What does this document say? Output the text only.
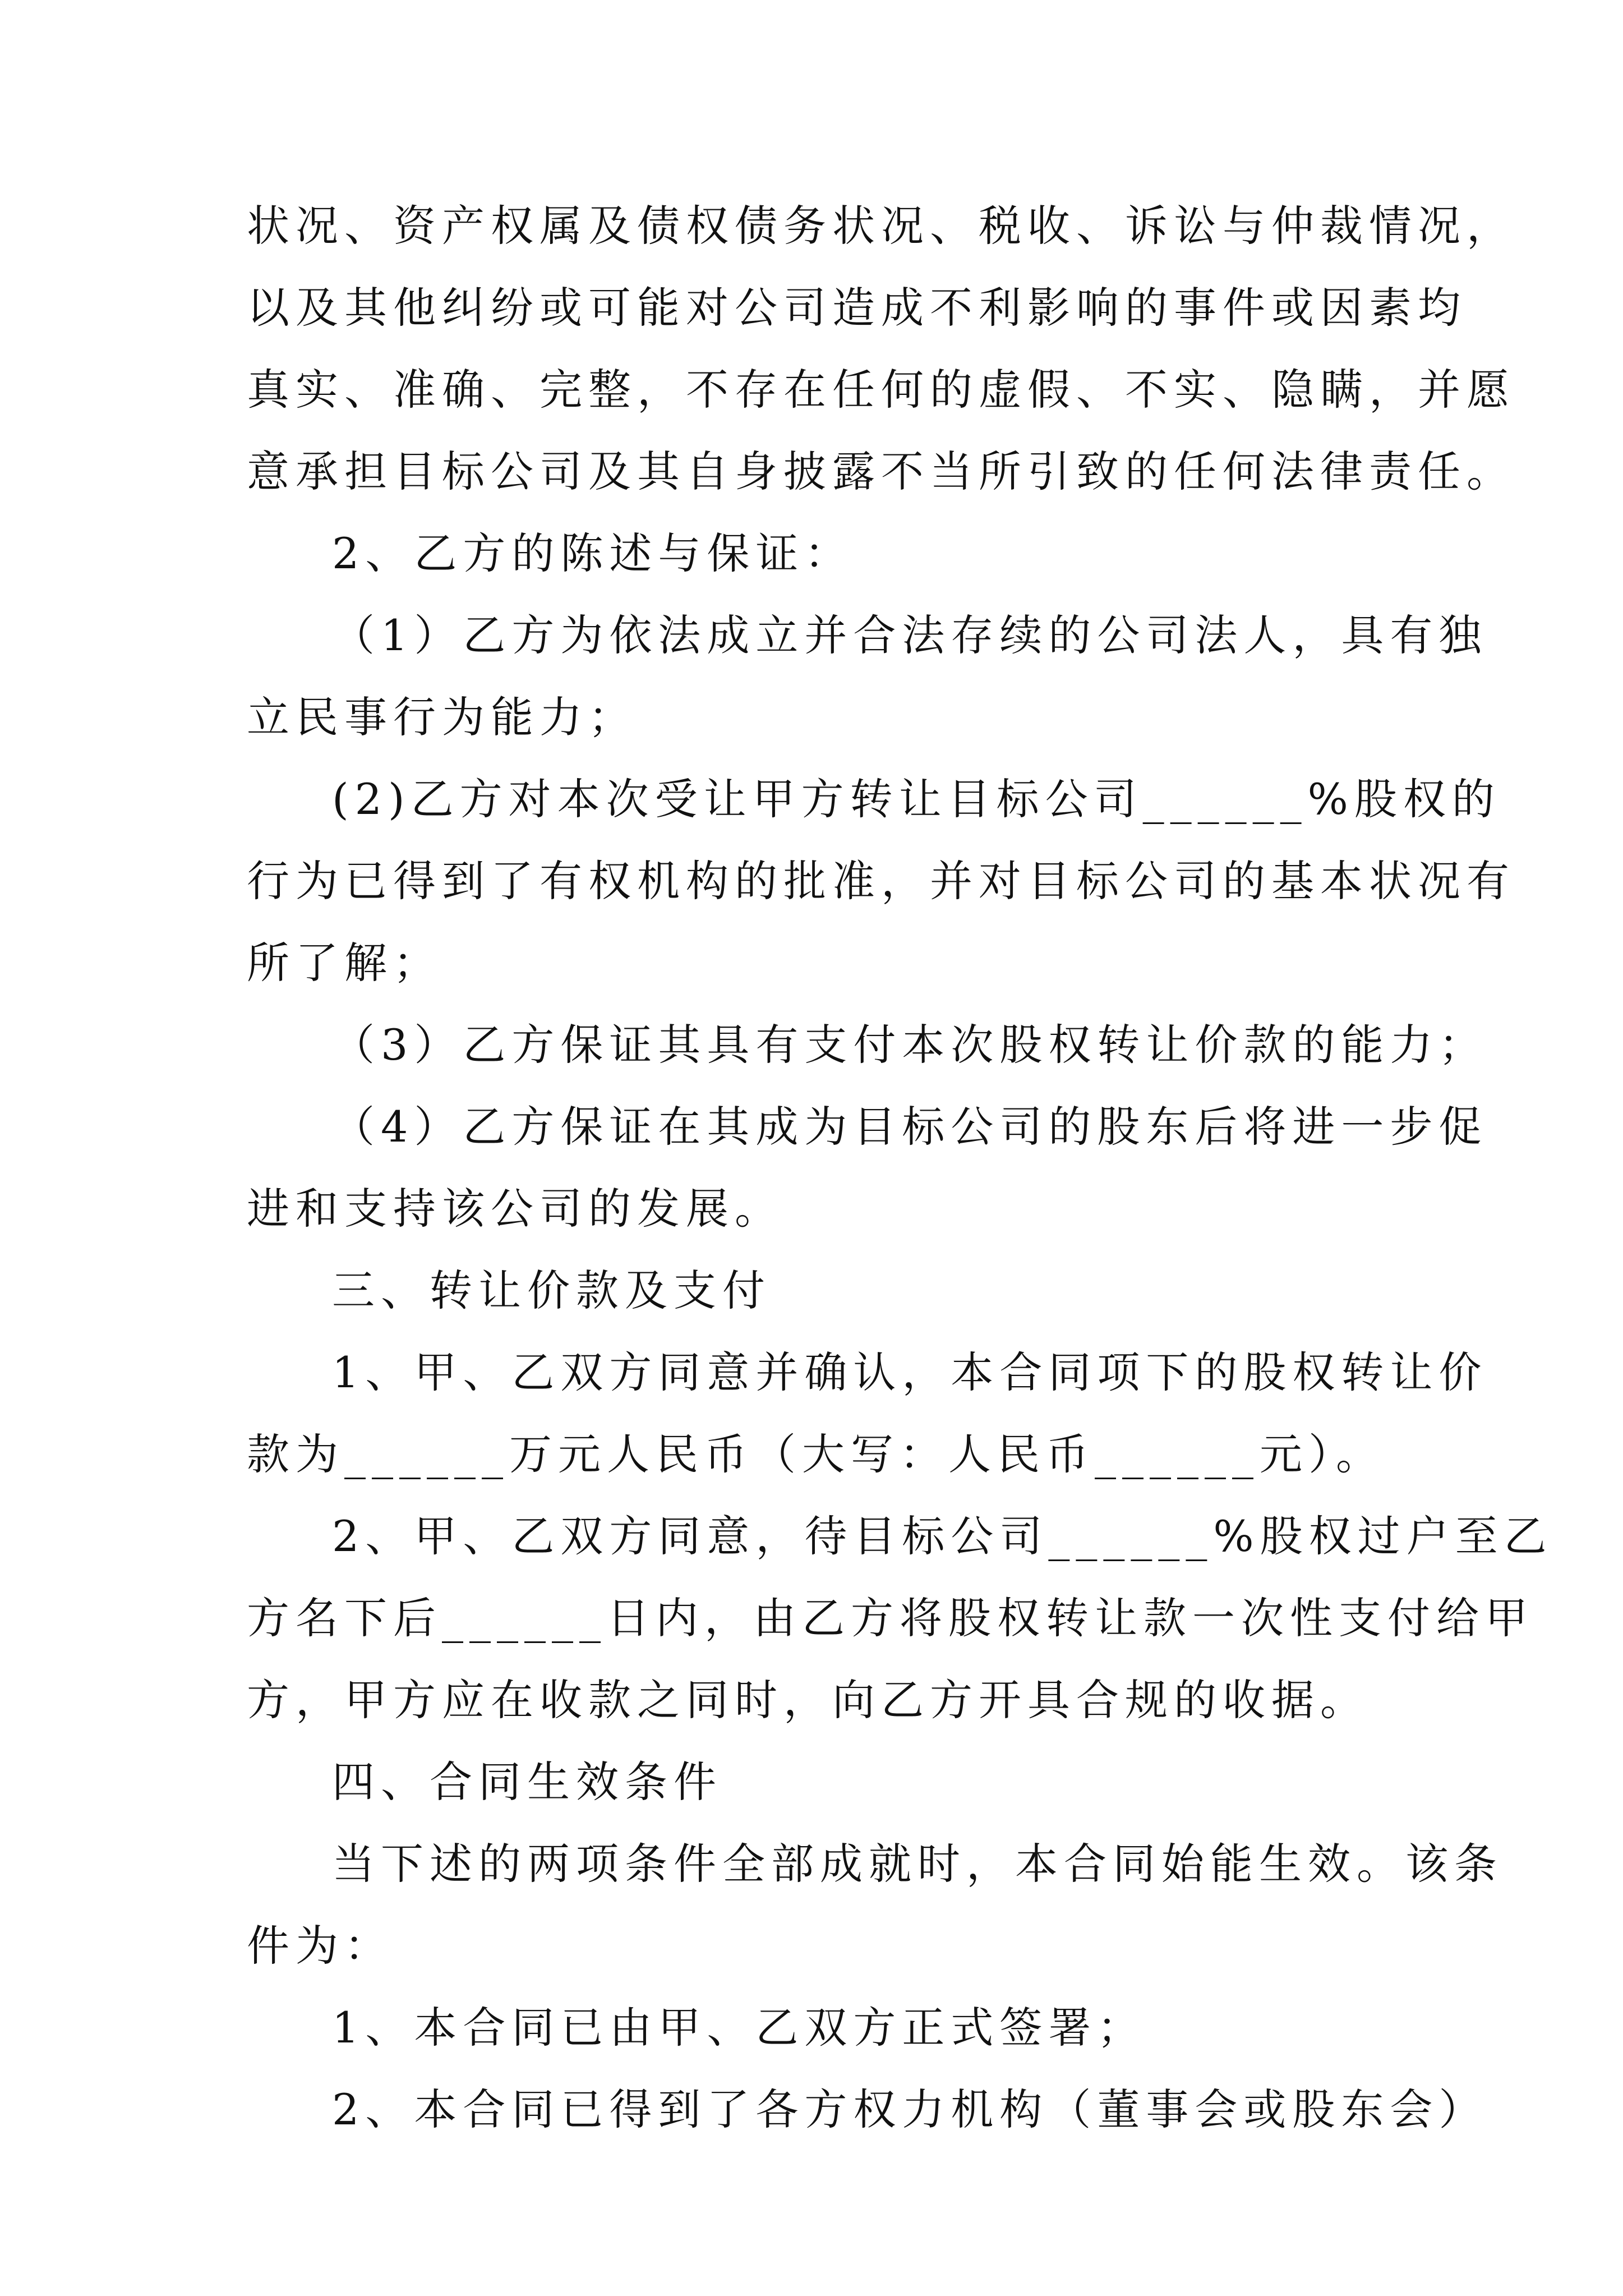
状况、资产权属及债权债务状况、税收、诉讼与仲裁情况，
以及其他纠纷或可能对公司造成不利影响的事件或因素均
真实、准确、完整，不存在任何的虚假、不实、隐瞒，并愿
意承担目标公司及其自身披露不当所引致的任何法律责任。
2、乙方的陈述与保证：
（1）乙方为依法成立并合法存续的公司法人，具有独
立民事行为能力；
(2)乙方对本次受让甲方转让目标公司______%股权的
行为已得到了有权机构的批准，并对目标公司的基本状况有
所了解；
（3）乙方保证其具有支付本次股权转让价款的能力；
（4）乙方保证在其成为目标公司的股东后将进一步促
进和支持该公司的发展。
三、转让价款及支付
1、甲、乙双方同意并确认，本合同项下的股权转让价
款为______万元人民币（大写：人民币______元）。
2、甲、乙双方同意，待目标公司______%股权过户至乙
方名下后______日内，由乙方将股权转让款一次性支付给甲
方，甲方应在收款之同时，向乙方开具合规的收据。
四、合同生效条件
当下述的两项条件全部成就时，本合同始能生效。该条
件为：
1、本合同已由甲、乙双方正式签署；
2、本合同已得到了各方权力机构（董事会或股东会）
